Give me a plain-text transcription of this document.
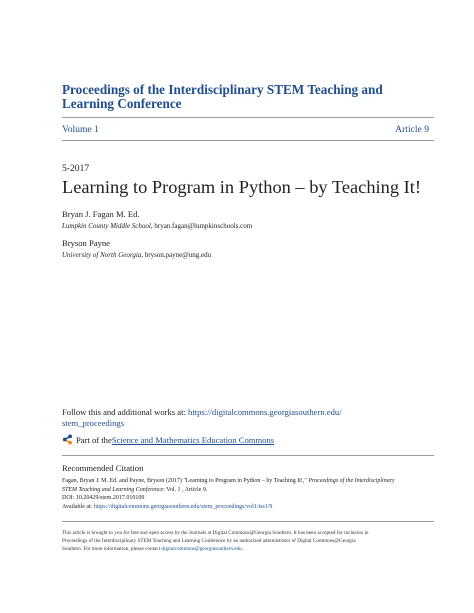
Proceedings of the Interdisciplinary STEM Teaching and Learning Conference
Volume 1	Article 9
5-2017
Learning to Program in Python – by Teaching It!
Bryan J. Fagan M. Ed.
Lumpkin County Middle School, bryan.fagan@lumpkinschools.com
Bryson Payne
University of North Georgia, bryson.payne@ung.edu
Follow this and additional works at: https://digitalcommons.georgiasouthern.edu/
stem_proceedings
Part of the Science and Mathematics Education Commons
Recommended Citation
Fagan, Bryan J. M. Ed. and Payne, Bryson (2017) "Learning to Program in Python – by Teaching It!," Proceedings of the Interdisciplinary
STEM Teaching and Learning Conference: Vol. 1 , Article 9.
DOI: 10.20429/stem.2017.010109
Available at: https://digitalcommons.georgiasouthern.edu/stem_proceedings/vol1/iss1/9
This article is brought to you for free and open access by the Journals at Digital Commons@Georgia Southern. It has been accepted for inclusion in
Proceedings of the Interdisciplinary STEM Teaching and Learning Conference by an authorized administrator of Digital Commons@Georgia
Southern. For more information, please contact digitalcommons@georgiasouthern.edu.
